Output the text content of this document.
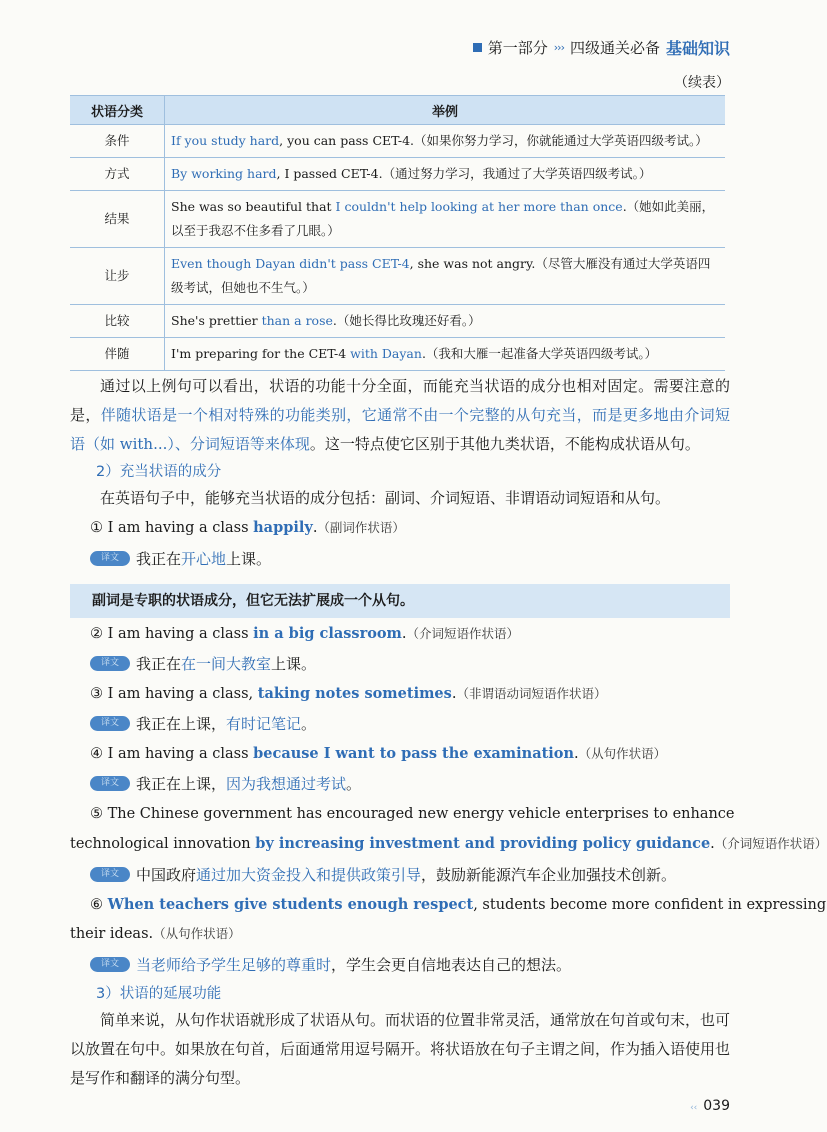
第一部分 ››› 四级通关必备 基础知识
（续表）
状语分类	举例
条件	If you study hard, you can pass CET-4.（如果你努力学习，你就能通过大学英语四级考试。）
方式	By working hard, I passed CET-4.（通过努力学习，我通过了大学英语四级考试。）
结果	She was so beautiful that I couldn't help looking at her more than once.（她如此美丽，以至于我忍不住多看了几眼。）
让步	Even though Dayan didn't pass CET-4, she was not angry.（尽管大雁没有通过大学英语四级考试，但她也不生气。）
比较	She's prettier than a rose.（她长得比玫瑰还好看。）
伴随	I'm preparing for the CET-4 with Dayan.（我和大雁一起准备大学英语四级考试。）
通过以上例句可以看出，状语的功能十分全面，而能充当状语的成分也相对固定。需要注意的是，伴随状语是一个相对特殊的功能类别，它通常不由一个完整的从句充当，而是更多地由介词短语（如 with...）、分词短语等来体现。这一特点使它区别于其他九类状语，不能构成状语从句。
2）充当状语的成分
在英语句子中，能够充当状语的成分包括：副词、介词短语、非谓语动词短语和从句。
① I am having a class happily.（副词作状语）
译文	我正在开心地上课。
副词是专职的状语成分，但它无法扩展成一个从句。
② I am having a class in a big classroom.（介词短语作状语）
译文	我正在在一间大教室上课。
③ I am having a class, taking notes sometimes.（非谓语动词短语作状语）
译文	我正在上课，有时记笔记。
④ I am having a class because I want to pass the examination.（从句作状语）
译文	我正在上课，因为我想通过考试。
⑤ The Chinese government has encouraged new energy vehicle enterprises to enhance
technological innovation by increasing investment and providing policy guidance.（介词短语作状语）
译文	中国政府通过加大资金投入和提供政策引导，鼓励新能源汽车企业加强技术创新。
⑥ When teachers give students enough respect, students become more confident in expressing
their ideas.（从句作状语）
译文	当老师给予学生足够的尊重时，学生会更自信地表达自己的想法。
3）状语的延展功能
简单来说，从句作状语就形成了状语从句。而状语的位置非常灵活，通常放在句首或句末，也可以放置在句中。如果放在句首，后面通常用逗号隔开。将状语放在句子主谓之间，作为插入语使用也是写作和翻译的满分句型。
‹‹ 039
